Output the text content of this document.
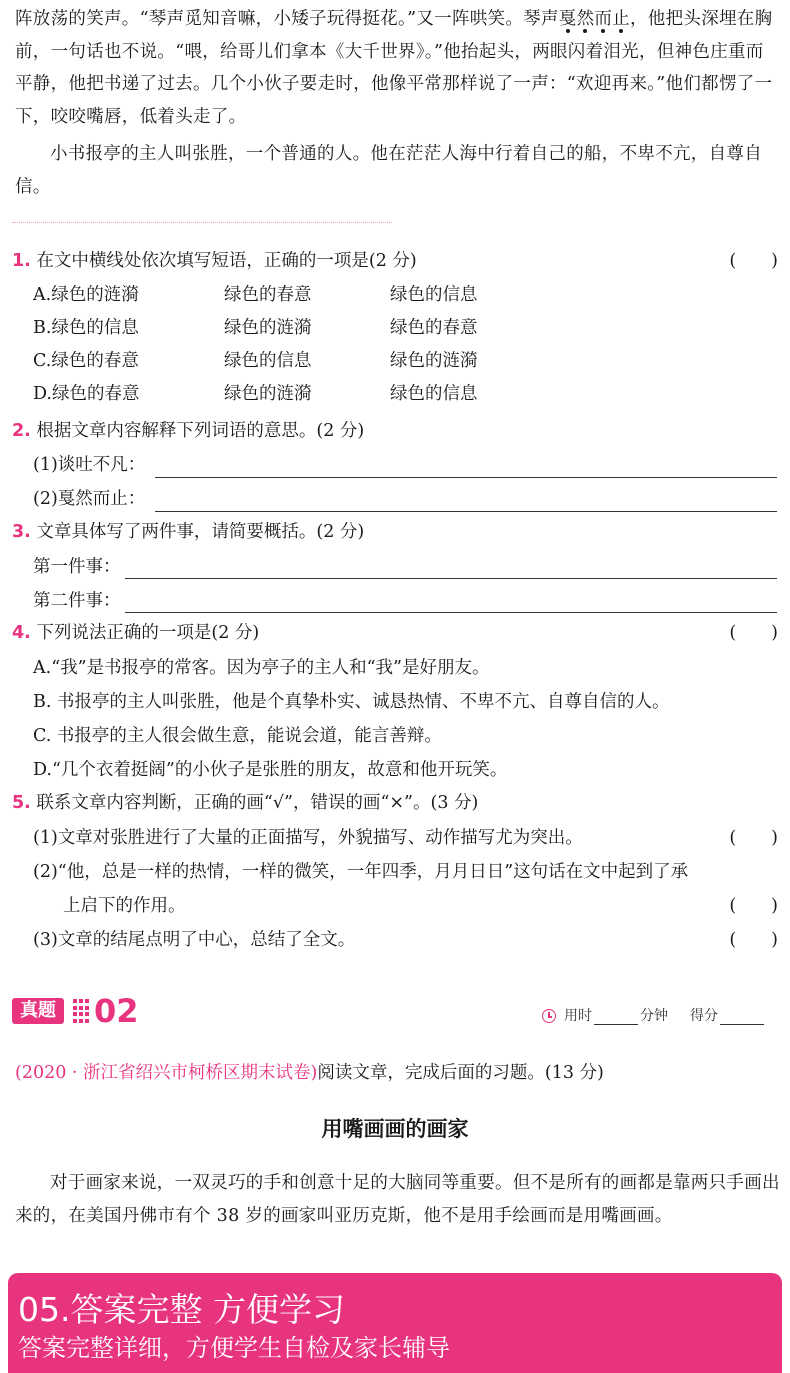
阵放荡的笑声。“琴声觅知音嘛，小矮子玩得挺花。”又一阵哄笑。琴声戛然而止，他把头深埋在胸前，一句话也不说。“喂，给哥儿们拿本《大千世界》。”他抬起头，两眼闪着泪光，但神色庄重而平静，他把书递了过去。几个小伙子要走时，他像平常那样说了一声：“欢迎再来。”他们都愣了一下，咬咬嘴唇，低着头走了。
小书报亭的主人叫张胜，一个普通的人。他在茫茫人海中行着自己的船，不卑不亢，自尊自信。
1. 在文中横线处依次填写短语，正确的一项是(2 分)	(　　)
A.绿色的涟漪	绿色的春意	绿色的信息
B.绿色的信息	绿色的涟漪	绿色的春意
C.绿色的春意	绿色的信息	绿色的涟漪
D.绿色的春意	绿色的涟漪	绿色的信息
2. 根据文章内容解释下列词语的意思。(2 分)
(1)谈吐不凡：
(2)戛然而止：
3. 文章具体写了两件事，请简要概括。(2 分)
第一件事：
第二件事：
4. 下列说法正确的一项是(2 分)	(　　)
A.“我”是书报亭的常客。因为亭子的主人和“我”是好朋友。
B. 书报亭的主人叫张胜，他是个真挚朴实、诚恳热情、不卑不亢、自尊自信的人。
C. 书报亭的主人很会做生意，能说会道，能言善辩。
D.“几个衣着挺阔”的小伙子是张胜的朋友，故意和他开玩笑。
5. 联系文章内容判断，正确的画“√”，错误的画“×”。(3 分)
(1)文章对张胜进行了大量的正面描写，外貌描写、动作描写尤为突出。	(　　)
(2)“他，总是一样的热情，一样的微笑，一年四季，月月日日”这句话在文中起到了承
上启下的作用。	(　　)
(3)文章的结尾点明了中心，总结了全文。	(　　)
真题 02	用时	分钟 得分
(2020 · 浙江省绍兴市柯桥区期末试卷)阅读文章，完成后面的习题。(13 分)
用嘴画画的画家
对于画家来说，一双灵巧的手和创意十足的大脑同等重要。但不是所有的画都是靠两只手画出来的，在美国丹佛市有个 38 岁的画家叫亚历克斯，他不是用手绘画而是用嘴画画。
05.答案完整 方便学习
答案完整详细，方便学生自检及家长辅导
